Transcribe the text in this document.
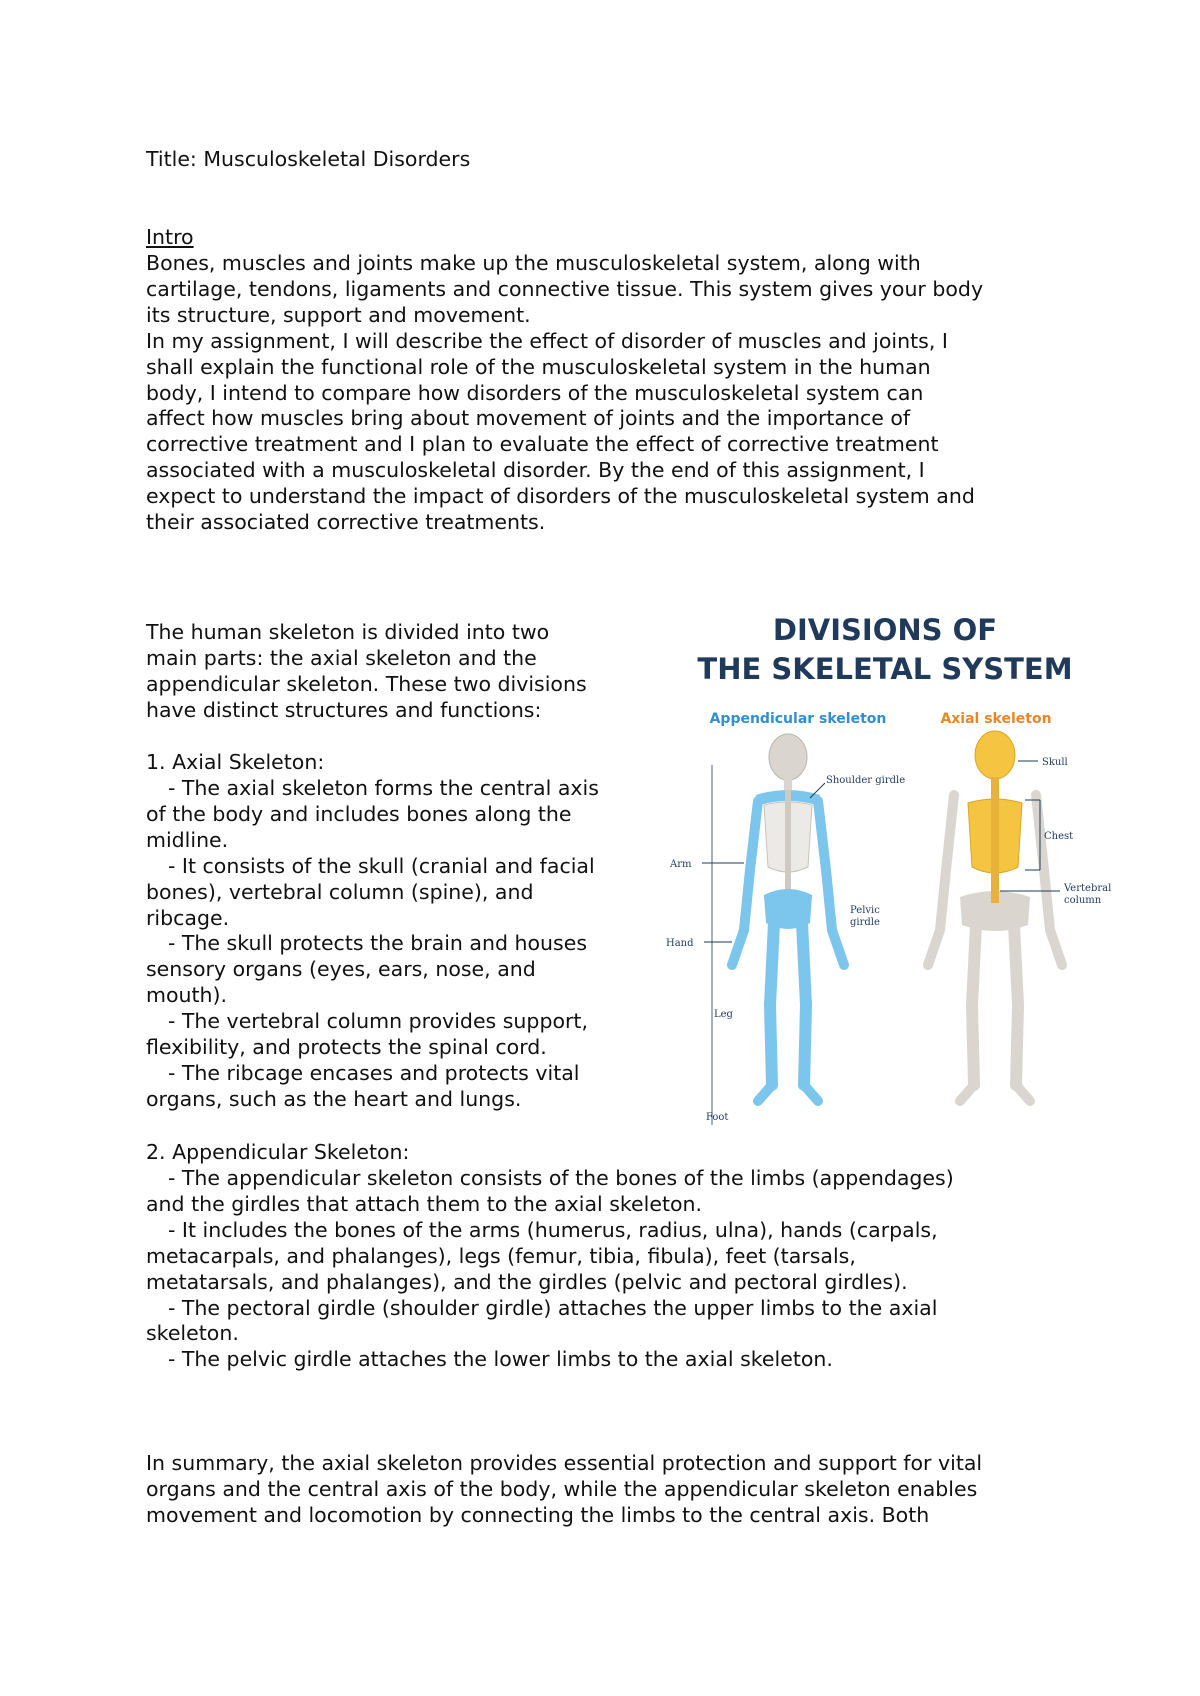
Title: Musculoskeletal Disorders
Intro
Bones, muscles and joints make up the musculoskeletal system, along with
cartilage, tendons, ligaments and connective tissue. This system gives your body
its structure, support and movement.
In my assignment, I will describe the effect of disorder of muscles and joints, I
shall explain the functional role of the musculoskeletal system in the human
body, I intend to compare how disorders of the musculoskeletal system can
affect how muscles bring about movement of joints and the importance of
corrective treatment and I plan to evaluate the effect of corrective treatment
associated with a musculoskeletal disorder. By the end of this assignment, I
expect to understand the impact of disorders of the musculoskeletal system and
their associated corrective treatments.
The human skeleton is divided into two
main parts: the axial skeleton and the
appendicular skeleton. These two divisions
have distinct structures and functions:
1. Axial Skeleton:
- The axial skeleton forms the central axis
of the body and includes bones along the
midline.
- It consists of the skull (cranial and facial
bones), vertebral column (spine), and
ribcage.
- The skull protects the brain and houses
sensory organs (eyes, ears, nose, and
mouth).
- The vertebral column provides support,
flexibility, and protects the spinal cord.
- The ribcage encases and protects vital
organs, such as the heart and lungs.
2. Appendicular Skeleton:
- The appendicular skeleton consists of the bones of the limbs (appendages)
and the girdles that attach them to the axial skeleton.
- It includes the bones of the arms (humerus, radius, ulna), hands (carpals,
metacarpals, and phalanges), legs (femur, tibia, fibula), feet (tarsals,
metatarsals, and phalanges), and the girdles (pelvic and pectoral girdles).
- The pectoral girdle (shoulder girdle) attaches the upper limbs to the axial
skeleton.
- The pelvic girdle attaches the lower limbs to the axial skeleton.
In summary, the axial skeleton provides essential protection and support for vital
organs and the central axis of the body, while the appendicular skeleton enables
movement and locomotion by connecting the limbs to the central axis. Both
DIVISIONS OF
THE SKELETAL SYSTEM
Appendicular skeleton	Axial skeleton
Shoulder girdle
Arm
Pelvic
girdle
Hand
Leg
Foot
Skull
Chest
Vertebral
column
